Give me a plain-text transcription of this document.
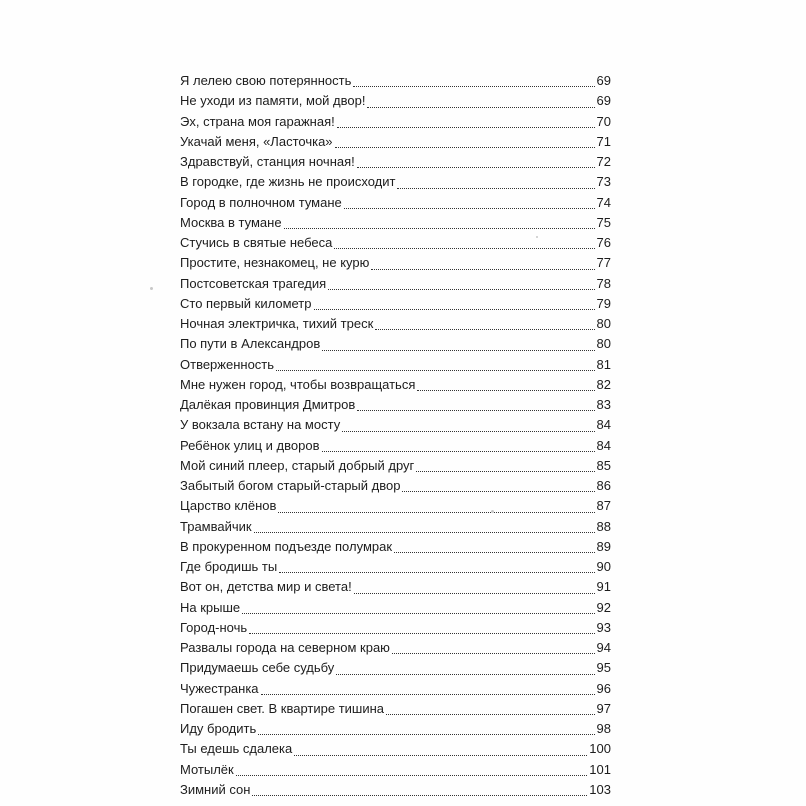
Я лелею свою потерянность	69
Не уходи из памяти, мой двор!	69
Эх, страна моя гаражная!	70
Укачай меня, «Ласточка»	71
Здравствуй, станция ночная!	72
В городке, где жизнь не происходит	73
Город в полночном тумане	74
Москва в тумане	75
Стучись в святые небеса	76
Простите, незнакомец, не курю	77
Постсоветская трагедия	78
Сто первый километр	79
Ночная электричка, тихий треск	80
По пути в Александров	80
Отверженность	81
Мне нужен город, чтобы возвращаться	82
Далёкая провинция Дмитров	83
У вокзала встану на мосту	84
Ребёнок улиц и дворов	84
Мой синий плеер, старый добрый друг	85
Забытый богом старый-старый двор	86
Царство клёнов	87
Трамвайчик	88
В прокуренном подъезде полумрак	89
Где бродишь ты	90
Вот он, детства мир и света!	91
На крыше	92
Город-ночь	93
Развалы города на северном краю	94
Придумаешь себе судьбу	95
Чужестранка	96
Погашен свет. В квартире тишина	97
Иду бродить	98
Ты едешь сдалека	100
Мотылёк	101
Зимний сон	103
